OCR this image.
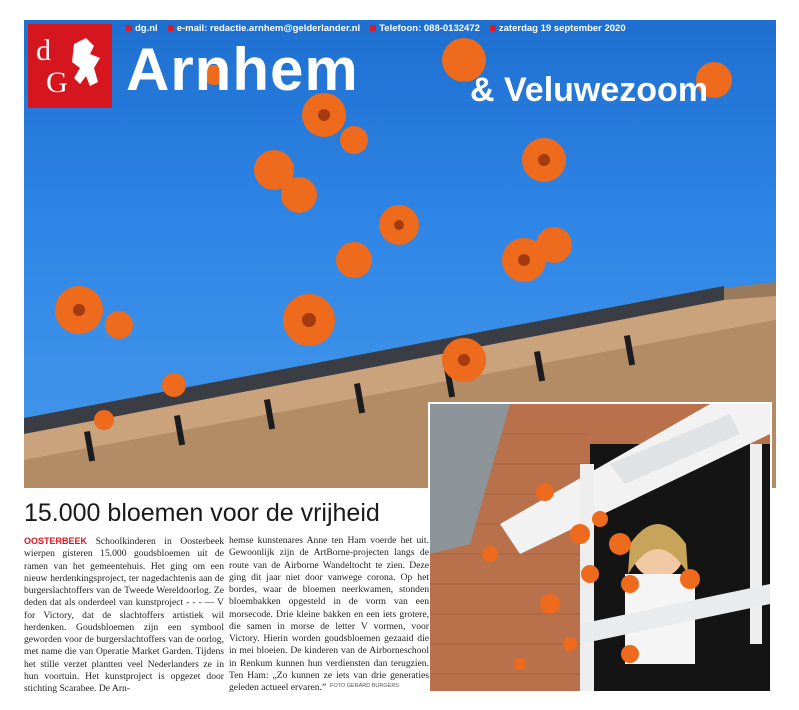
dg.nl e-mail: redactie.arnhem@gelderlander.nl Telefoon: 088-0132472 zaterdag 19 september 2020
d
G Arnhem	& Veluwezoom
FOTO GERARD BURGERS
15.000 bloemen voor de vrijheid
OOSTERBEEK Schoolkinderen in Oosterbeek wierpen gisteren 15.000 goudsbloemen uit de ramen van het gemeentehuis. Het ging om een nieuw herdenkingsproject, ter nagedachtenis aan de burgerslachtoffers van de Tweede Wereldoorlog. Ze deden dat als onderdeel van kunstproject - - - — V for Victory, dat de slachtoffers artistiek wil herdenken. Goudsbloemen zijn een symbool geworden voor de burgerslachtoffers van de oorlog, met name die van Operatie Market Garden. Tijdens het stille verzet plantten veel Nederlanders ze in hun voortuin. Het kunstproject is opgezet door stichting Scarabee. De Arn-
hemse kunstenares Anne ten Ham voerde het uit. Gewoonlijk zijn de ArtBorne-projecten langs de route van de Airborne Wandeltocht te zien. Deze ging dit jaar niet door vanwege corona. Op het bordes, waar de bloemen neerkwamen, stonden bloembakken opgesteld in de vorm van een morsecode. Drie kleine bakken en een iets grotere, die samen in morse de letter V vormen, voor Victory. Hierin worden goudsbloemen gezaaid die in mei bloeien. De kinderen van de Airborneschool in Renkum kunnen hun verdiensten dan terugzien. Ten Ham: „Zo kunnen ze iets van drie generaties geleden actueel ervaren.”
